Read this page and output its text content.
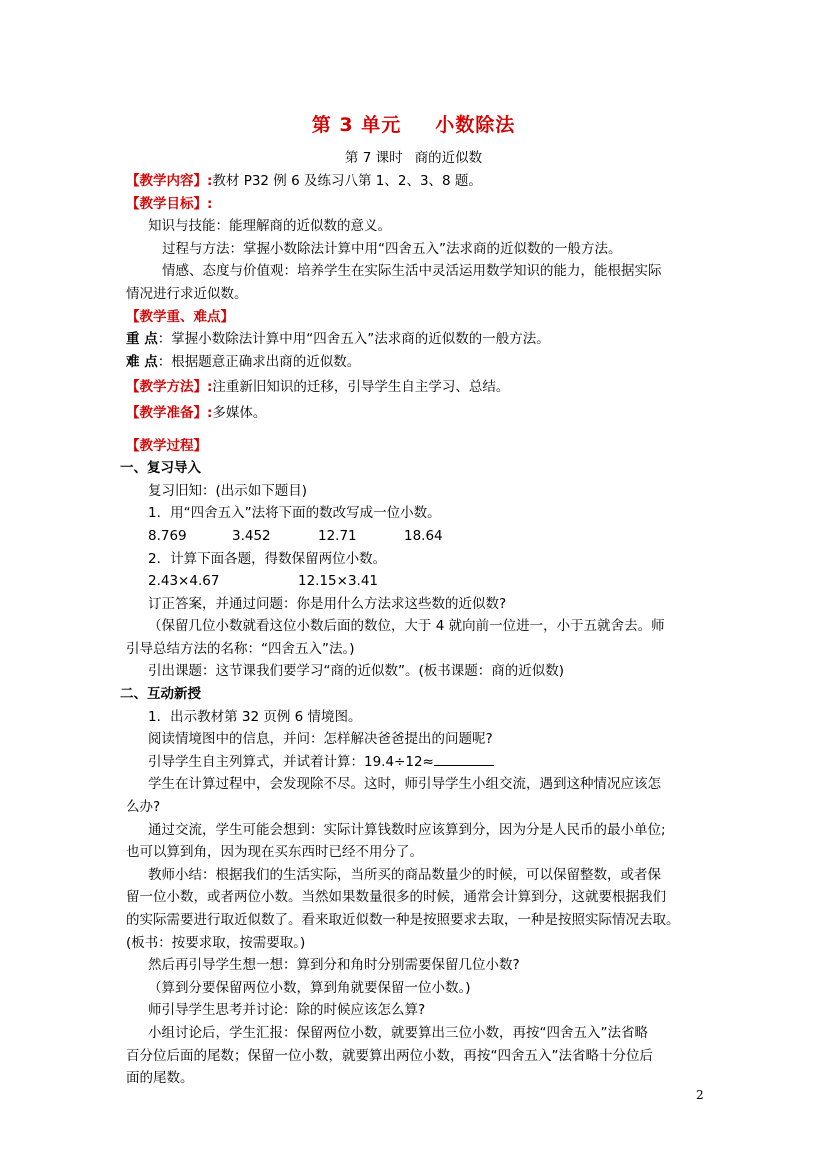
第 3 单元 小数除法
第 7 课时 商的近似数
【教学内容】:教材 P32 例 6 及练习八第 1、2、3、8 题。
【教学目标】:
知识与技能：能理解商的近似数的意义。
过程与方法：掌握小数除法计算中用“四舍五入”法求商的近似数的一般方法。
情感、态度与价值观：培养学生在实际生活中灵活运用数学知识的能力，能根据实际
情况进行求近似数。
【教学重、难点】
重 点：掌握小数除法计算中用“四舍五入”法求商的近似数的一般方法。
难 点：根据题意正确求出商的近似数。
【教学方法】:注重新旧知识的迁移，引导学生自主学习、总结。
【教学准备】:多媒体。
【教学过程】
一、复习导入
复习旧知：(出示如下题目)
1．用“四舍五入”法将下面的数改写成一位小数。
8.769	3.452	12.71	18.64
2．计算下面各题，得数保留两位小数。
2.43×4.67	12.15×3.41
订正答案，并通过问题：你是用什么方法求这些数的近似数?
（保留几位小数就看这位小数后面的数位，大于 4 就向前一位进一，小于五就舍去。师
引导总结方法的名称：“四舍五入”法。)
引出课题：这节课我们要学习“商的近似数”。(板书课题：商的近似数)
二、互动新授
1．出示教材第 32 页例 6 情境图。
阅读情境图中的信息，并问：怎样解决爸爸提出的问题呢?
引导学生自主列算式，并试着计算：19.4÷12≈
学生在计算过程中，会发现除不尽。这时，师引导学生小组交流，遇到这种情况应该怎
么办?
通过交流，学生可能会想到：实际计算钱数时应该算到分，因为分是人民币的最小单位;
也可以算到角，因为现在买东西时已经不用分了。
教师小结：根据我们的生活实际，当所买的商品数量少的时候，可以保留整数，或者保
留一位小数，或者两位小数。当然如果数量很多的时候，通常会计算到分，这就要根据我们
的实际需要进行取近似数了。看来取近似数一种是按照要求去取，一种是按照实际情况去取。
(板书：按要求取，按需要取。)
然后再引导学生想一想：算到分和角时分别需要保留几位小数?
（算到分要保留两位小数，算到角就要保留一位小数。)
师引导学生思考并讨论：除的时候应该怎么算?
小组讨论后，学生汇报：保留两位小数，就要算出三位小数，再按“四舍五入”法省略
百分位后面的尾数；保留一位小数，就要算出两位小数，再按“四舍五入”法省略十分位后
面的尾数。
2
